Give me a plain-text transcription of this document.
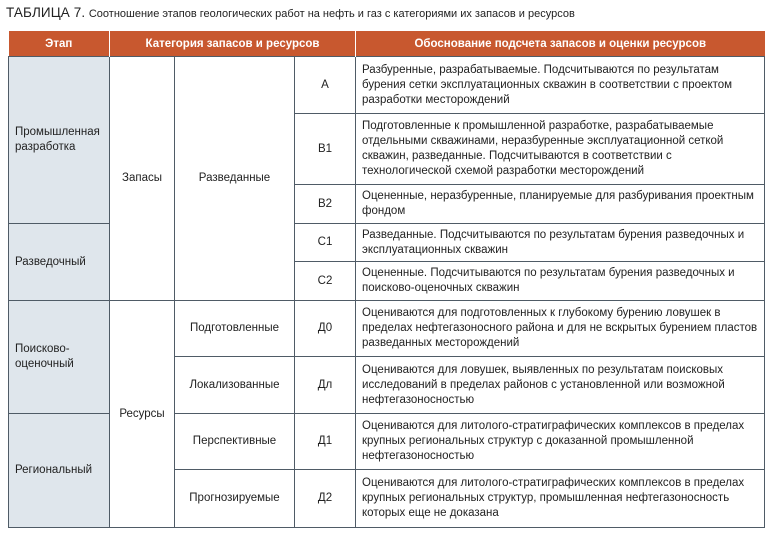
ТАБЛИЦА 7. Соотношение этапов геологических работ на нефть и газ с категориями их запасов и ресурсов
Этап	Категория запасов и ресурсов			Обоснование подсчета запасов и оценки ресурсов
Промышленная разработка	Запасы	Разведанные	A	Разбуренные, разрабатываемые. Подсчитываются по результатам бурения сетки эксплуатационных скважин в соответствии с проектом разработки месторождений
			B1	Подготовленные к промышленной разработке, разрабатываемые отдельными скважинами, неразбуренные эксплуатационной сеткой скважин, разведанные. Подсчитываются в соответствии с технологической схемой разработки месторождений
			B2	Оцененные, неразбуренные, планируемые для разбуривания проектным фондом
Разведочный			C1	Разведанные. Подсчитываются по результатам бурения разведочных и эксплуатационных скважин
			C2	Оцененные. Подсчитываются по результатам бурения разведочных и поисково-оценочных скважин
Поисково-оценочный	Ресурсы	Подготовленные	Д0	Оцениваются для подготовленных к глубокому бурению ловушек в пределах нефтегазоносного района и для не вскрытых бурением пластов разведанных месторождений
		Локализованные	Дл	Оцениваются для ловушек, выявленных по результатам поисковых исследований в пределах районов с установленной или возможной нефтегазоносностью
Региональный		Перспективные	Д1	Оцениваются для литолого-стратиграфических комплексов в пределах крупных региональных структур с доказанной промышленной нефтегазоносностью
		Прогнозируемые	Д2	Оцениваются для литолого-стратиграфических комплексов в пределах крупных региональных структур, промышленная нефтегазоносность которых еще не доказана
